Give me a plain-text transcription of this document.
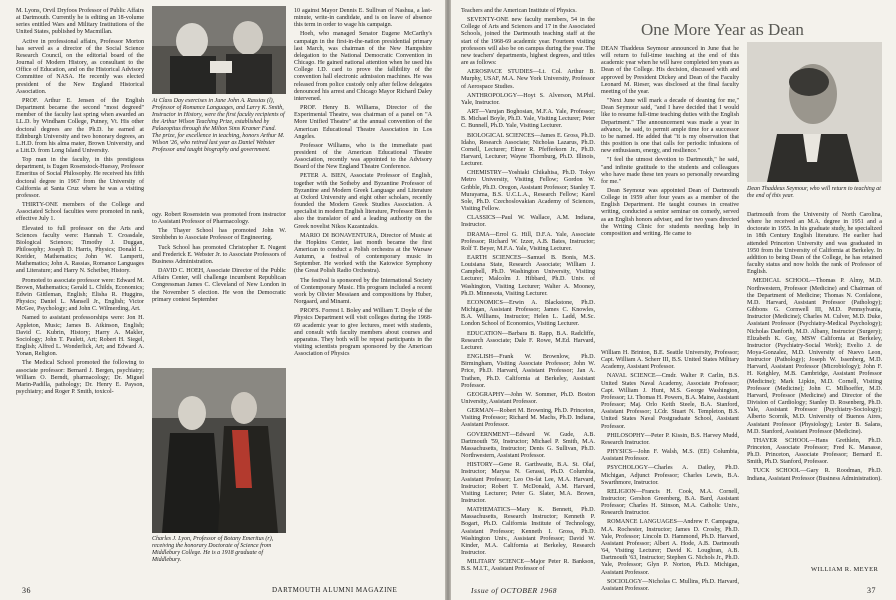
M. Lyons, Orvil Dryfoos Professor of Public Affairs at Dartmouth. Currently he is editing an 18-volume series entitled Wars and Military Institutions of the United States, published by Macmillan.

Active in professional affairs, Professor Morton has served as a director of the Social Science Research Council, on the editorial board of the Journal of Modern History, as consultant to the Office of Education, and on the Historical Advisory Committee of NASA. He recently was elected president of the New England Historical Association.

PROF. Arthur E. Jensen of the English Department became the second "most degreed" member of the faculty last spring when awarded an LL.D. by Windham College, Putney, Vt. His other doctoral degrees are the Ph.D. he earned at Edinburgh University and two honorary degrees, an L.H.D. from his alma mater, Brown University, and a Litt.D. from Long Island University.

Top man in the faculty, in this prestigious department, is Eugen Rosenstock-Huessy, Professor Emeritus of Social Philosophy. He received his fifth doctoral degree in 1967 from the University of California at Santa Cruz where he was a visiting professor.

THIRTY-ONE members of the College and Associated School faculties were promoted in rank, effective July 1.

Elevated to full professor on the Arts and Sciences faculty were: Hannah T. Croasdale, Biological Sciences; Timothy J. Duggan, Philosophy; Joseph D. Harris, Physics; Donald L. Kreider, Mathematics; John W. Lamperti, Mathematics; John A. Rassias, Romance Languages and Literature; and Harry N. Scheiber, History.

Promoted to associate professor were: Edward M. Brown, Mathematics; Gerald L. Childs, Economics; Edwin Gittleman, English; Elisha R. Huggins, Physics; Daniel L. Mansell Jr., English; Victor McGee, Psychology; and John C. Wilmerding, Art.

Named to assistant professorships were: Jon H. Appleton, Music; James B. Atkinson, English; David C. Kubrin, History; Harry A. Makler, Sociology; John T. Paulett, Art; Robert H. Siegel, English; Alfred L. Wonderlick, Art; and Edward A. Yonan, Religion.

The Medical School promoted the following to associate professor: Bernard J. Bergen, psychiatry; William O. Berndt, pharmacology; Dr. Miguel Marin-Padilla, pathology; Dr. Henry E. Payson, psychiatry; and Roger P. Smith, toxicol-

At Class Day exercises in June John A. Rassias (l), Professor of Romance Languages, and Larry K. Smith, Instructor in History, were the first faculty recipients of the Arthur Wilson Teaching Prize, established by Palaeopitus through the Milton Sims Kramer Fund. The prize, for excellence in teaching, honors Arthur M. Wilson '26, who retired last year as Daniel Webster Professor and taught biography and government.

ogy. Robert Rosenstein was promoted from instructor to Assistant Professor of Pharmacology.

The Thayer School has promoted John W. Strohbehn to Associate Professor of Engineering.

Tuck School has promoted Christopher E. Nugent and Frederick E. Webster Jr. to Associate Professors of Business Administration.

DAVID C. HOEH, Associate Director of the Public Affairs Center, will challenge incumbent Republican Congressman James C. Cleveland of New London in the November 5 election. He won the Democratic primary contest September

Charles J. Lyon, Professor of Botany Emeritus (r), receiving the honorary Doctorate of Science from Middlebury College. He is a 1918 graduate of Middlebury.

10 against Mayor Dennis E. Sullivan of Nashua, a last-minute, write-in candidate, and is on leave of absence this term in order to wage his campaign.

Hoeh, who managed Senator Eugene McCarthy's campaign in the first-in-the-nation presidential primary last March, was chairman of the New Hampshire delegation to the National Democratic Convention in Chicago. He gained national attention when he used his College I.D. card to prove the fallibility of the convention hall electronic admission machines. He was released from police custody only after fellow delegates denounced his arrest and Chicago Mayor Richard Daley intervened.

PROF. Henry B. Williams, Director of the Experimental Theatre, was chairman of a panel on "A More Unified Theatre" at the annual convention of the American Educational Theatre Association in Los Angeles.

Professor Williams, who is the immediate past president of the American Educational Theatre Association, recently was appointed to the Advisory Board of the New England Theatre Conference.

PETER A. BIEN, Associate Professor of English, together with the Sotheby and Byzantine Professor of Byzantine and Modern Greek Language and Literature at Oxford University and eight other scholars, recently founded the Modern Greek Studies Association. A specialist in modern English literature, Professor Bien is also the translator of and a leading authority on the Greek novelist Nikos Kazantzakis.

MARIO DI BONAVENTURA, Director of Music at the Hopkins Center, last month became the first American to conduct a Polish orchestra at the Warsaw Autumn, a festival of contemporary music in September. He worked with the Katowice Symphony (the Great Polish Radio Orchestra).

The festival is sponsored by the International Society of Contemporary Music. His program included a recent work by Olivier Messiaen and compositions by Huber, Norgaard, and Minami.

PROFS. Forrest I. Boley and William T. Doyle of the Physics Department will visit colleges during the 1968-69 academic year to give lectures, meet with students, and consult with faculty members about courses and apparatus. They both will be repeat participants in the visiting scientists program sponsored by the American Association of Physics

36	DARTMOUTH ALUMNI MAGAZINE

Teachers and the American Institute of Physics.

SEVENTY-ONE new faculty members, 54 in the College of Arts and Sciences and 17 in the Associated Schools, joined the Dartmouth teaching staff at the start of the 1968-69 academic year. Fourteen visiting professors will also be on campus during the year. The new teachers' departments, highest degrees, and titles are as follows:

AEROSPACE STUDIES—Lt. Col. Arthur B. Murphy, USAF, M.A. New York University, Professor of Aerospace Studies.

ANTHROPOLOGY—Hoyt S. Alverson, M.Phil. Yale, Instructor.

ART—Varujan Boghosian, M.F.A. Yale, Professor; B. Michael Boyle, Ph.D. Yale, Visiting Lecturer; Peter C. Bunnell, Ph.D. Yale, Visiting Lecturer.

BIOLOGICAL SCIENCES—James E. Gross, Ph.D. Idaho, Research Associate; Nicholas Lazarus, Ph.D. Cornell, Lecturer; Elmer R. Pfefferkorn Jr., Ph.D. Harvard, Lecturer; Wayne Thornburg, Ph.D. Illinois, Lecturer.

CHEMISTRY—Yoshiaki Chikahisa, Ph.D. Tokyo Metro University, Visiting Fellow; Gordon W. Gribble, Ph.D. Oregon, Assistant Professor; Stanley T. Murayama, B.S. U.C.L.A., Research Fellow; Karel Sole, Ph.D. Czechoslovakian Academy of Sciences, Visiting Fellow.

CLASSICS—Paul W. Wallace, A.M. Indiana, Instructor.

DRAMA—Errol G. Hill, D.F.A. Yale, Associate Professor; Richard W. Izzer, A.B. Bates, Instructor; Rolf T. Beyer, M.F.A. Yale, Visiting Lecturer.

EARTH SCIENCES—Samuel B. Bonis, M.S. Louisiana State, Research Associate; William J. Campbell, Ph.D. Washington University, Visiting Lecturer; Malcolm J. Hibbard, Ph.D. Univ. of Washington, Visiting Lecturer; Walter A. Mooney, Ph.D. Minnesota, Visiting Lecturer.

ECONOMICS—Erwin A. Blackstone, Ph.D. Michigan, Assistant Professor; James C. Knowles, B.A. Williams, Instructor; Helen L. Ladd, M.Sc. London School of Economics, Visiting Lecturer.

EDUCATION—Barbara B. Rapp, B.A. Radcliffe, Research Associate; Dale F. Rowe, M.Ed. Harvard, Lecturer.

ENGLISH—Frank W. Brownlow, Ph.D. Birmingham, Visiting Associate Professor; John W. Price, Ph.D. Harvard, Assistant Professor; Jan A. Trathen, Ph.D. California at Berkeley, Assistant Professor.

GEOGRAPHY—John W. Sommer, Ph.D. Boston University, Assistant Professor.

GERMAN—Robert M. Browning, Ph.D. Princeton, Visiting Professor; Richard M. Machs, Ph.D. Indiana, Assistant Professor.

GOVERNMENT—Edward W. Gude, A.B. Dartmouth '59, Instructor; Michael P. Smith, M.A. Massachusetts, Instructor; Denis G. Sullivan, Ph.D. Northwestern, Assistant Professor.

HISTORY—Gene R. Garthwaite, B.A. St. Olaf, Instructor; Marysa N. Gerassi, Ph.D. Columbia, Assistant Professor; Leo On-fat Lee, M.A. Harvard, Instructor; Robert T. McDonald, A.M. Harvard, Visiting Lecturer; Peter G. Slater, M.A. Brown, Instructor.

MATHEMATICS—Mary K. Bennett, Ph.D. Massachusetts, Research Instructor; Kenneth P. Bogart, Ph.D. California Institute of Technology, Assistant Professor; Kenneth I. Gross, Ph.D. Washington Univ., Assistant Professor; David W. Kinder, M.A. California at Berkeley, Research Instructor.

MILITARY SCIENCE—Major Peter R. Bankson, B.S. M.I.T., Assistant Professor of

One More Year as Dean

DEAN Thaddeus Seymour announced in June that he will return to full-time teaching at the end of this academic year when he will have completed ten years as Dean of the College. His decision, discussed with and approved by President Dickey and Dean of the Faculty Leonard M. Rieser, was disclosed at the final faculty meeting of the year.

"Next June will mark a decade of deaning for me," Dean Seymour said, "and I have decided that I would like to resume full-time teaching duties with the English Department." The announcement was made a year in advance, he said, to permit ample time for a successor to be named. He added that "it is my observation that this position is one that calls for periodic infusions of new enthusiasm, energy, and resilience."

"I feel the utmost devotion to Dartmouth," he said, "and infinite gratitude to the students and colleagues who have made these ten years so personally rewarding for me."

Dean Seymour was appointed Dean of Dartmouth College in 1959 after four years as a member of the English Department. He taught courses in creative writing, conducted a senior seminar on comedy, served as an English honors adviser, and for two years directed the Writing Clinic for students needing help in composition and writing. He came to

William H. Brinton, B.E. Seattle University, Professor; Capt. William A. Scherr III, B.S. United States Military Academy, Assistant Professor.

NAVAL SCIENCE—Cmdr. Walter P. Carlin, B.S. United States Naval Academy, Associate Professor; Capt. William J. Hunt, M.S. George Washington, Professor; Lt. Thomas H. Powers, B.A. Maine, Assistant Professor; Maj. Orlo Keith Steele, B.A. Stanford, Assistant Professor; LCdr. Stuart N. Templeton, B.S. United States Naval Postgraduate School, Assistant Professor.

PHILOSOPHY—Peter P. Kissin, B.S. Harvey Mudd, Research Instructor.

PHYSICS—John F. Walsh, M.S. (EE) Columbia, Assistant Professor.

PSYCHOLOGY—Charles A. Dailey, Ph.D. Michigan, Adjunct Professor; Charles Lewis, B.A. Swarthmore, Instructor.

RELIGION—Francis H. Cook, M.A. Cornell, Instructor; Gershon Greenberg, B.A. Bard, Assistant Professor; Charles H. Stinson, M.A. Catholic Univ., Research Instructor.

ROMANCE LANGUAGES—Andrew F. Campagna, M.A. Rochester, Instructor; James D. Crosby, Ph.D. Yale, Professor; Lincoln D. Hammond, Ph.D. Harvard, Assistant Professor; Albert A. Hode, A.B. Dartmouth '64, Visiting Lecturer; David K. Loughran, A.B. Dartmouth '63, Instructor; Stephen G. Nichols Jr., Ph.D. Yale, Professor; Glyn P. Norton, Ph.D. Michigan, Assistant Professor.

SOCIOLOGY—Nicholas C. Mullins, Ph.D. Harvard, Assistant Professor.

Dean Thaddeus Seymour, who will return to teaching at the end of this year.

Dartmouth from the University of North Carolina, where he received an M.A. degree in 1951 and a doctorate in 1955. In his graduate study, he specialized in 18th Century English literature. He earlier had attended Princeton University and was graduated in 1950 from the University of California at Berkeley. In addition to being Dean of the College, he has retained faculty status and now holds the rank of Professor of English.

MEDICAL SCHOOL—Thomas P. Almy, M.D. Northwestern, Professor (Medicine) and Chairman of the Department of Medicine; Thomas N. Confalone, M.D. Harvard, Assistant Professor (Pathology); Gibbons G. Cornwell III, M.D. Pennsylvania, Instructor (Medicine); Charles M. Culver, M.D. Duke, Assistant Professor (Psychiatry-Medical Psychology); Nicholas Danforth, M.D. Albany, Instructor (Surgery); Elizabeth K. Guy, MSW California at Berkeley, Instructor (Psychiatry-Social Work); Evelio J. de Moya-Gonzalez, M.D. University of Nuevo Leon, Instructor (Pathology); Joseph W. Issenberg, M.D. Harvard, Assistant Professor (Microbiology); John F. H. Keighley, M.B. Cambridge, Assistant Professor (Medicine); Mark Lipkin, M.D. Cornell, Visiting Professor (Medicine); John C. Milhoeffer, M.D. Harvard, Professor (Medicine) and Director of the Division of Cardiology; Stanley D. Rosenberg, Ph.D. Yale, Assistant Professor (Psychiatry-Sociology); Alberto Scornik, M.D. University of Buenos Aires, Assistant Professor (Physiology); Lester B. Salans, M.D. Stanford, Assistant Professor (Medicine).

THAYER SCHOOL—Hans Grethlein, Ph.D. Princeton, Associate Professor; Fred K. Manasse, Ph.D. Princeton, Associate Professor; Bernard E. Smith, Ph.D. Stanford, Professor.

TUCK SCHOOL—Gary R. Roodman, Ph.D. Indiana, Assistant Professor (Business Administration).

WILLIAM R. MEYER
Issue of OCTOBER 1968	37
